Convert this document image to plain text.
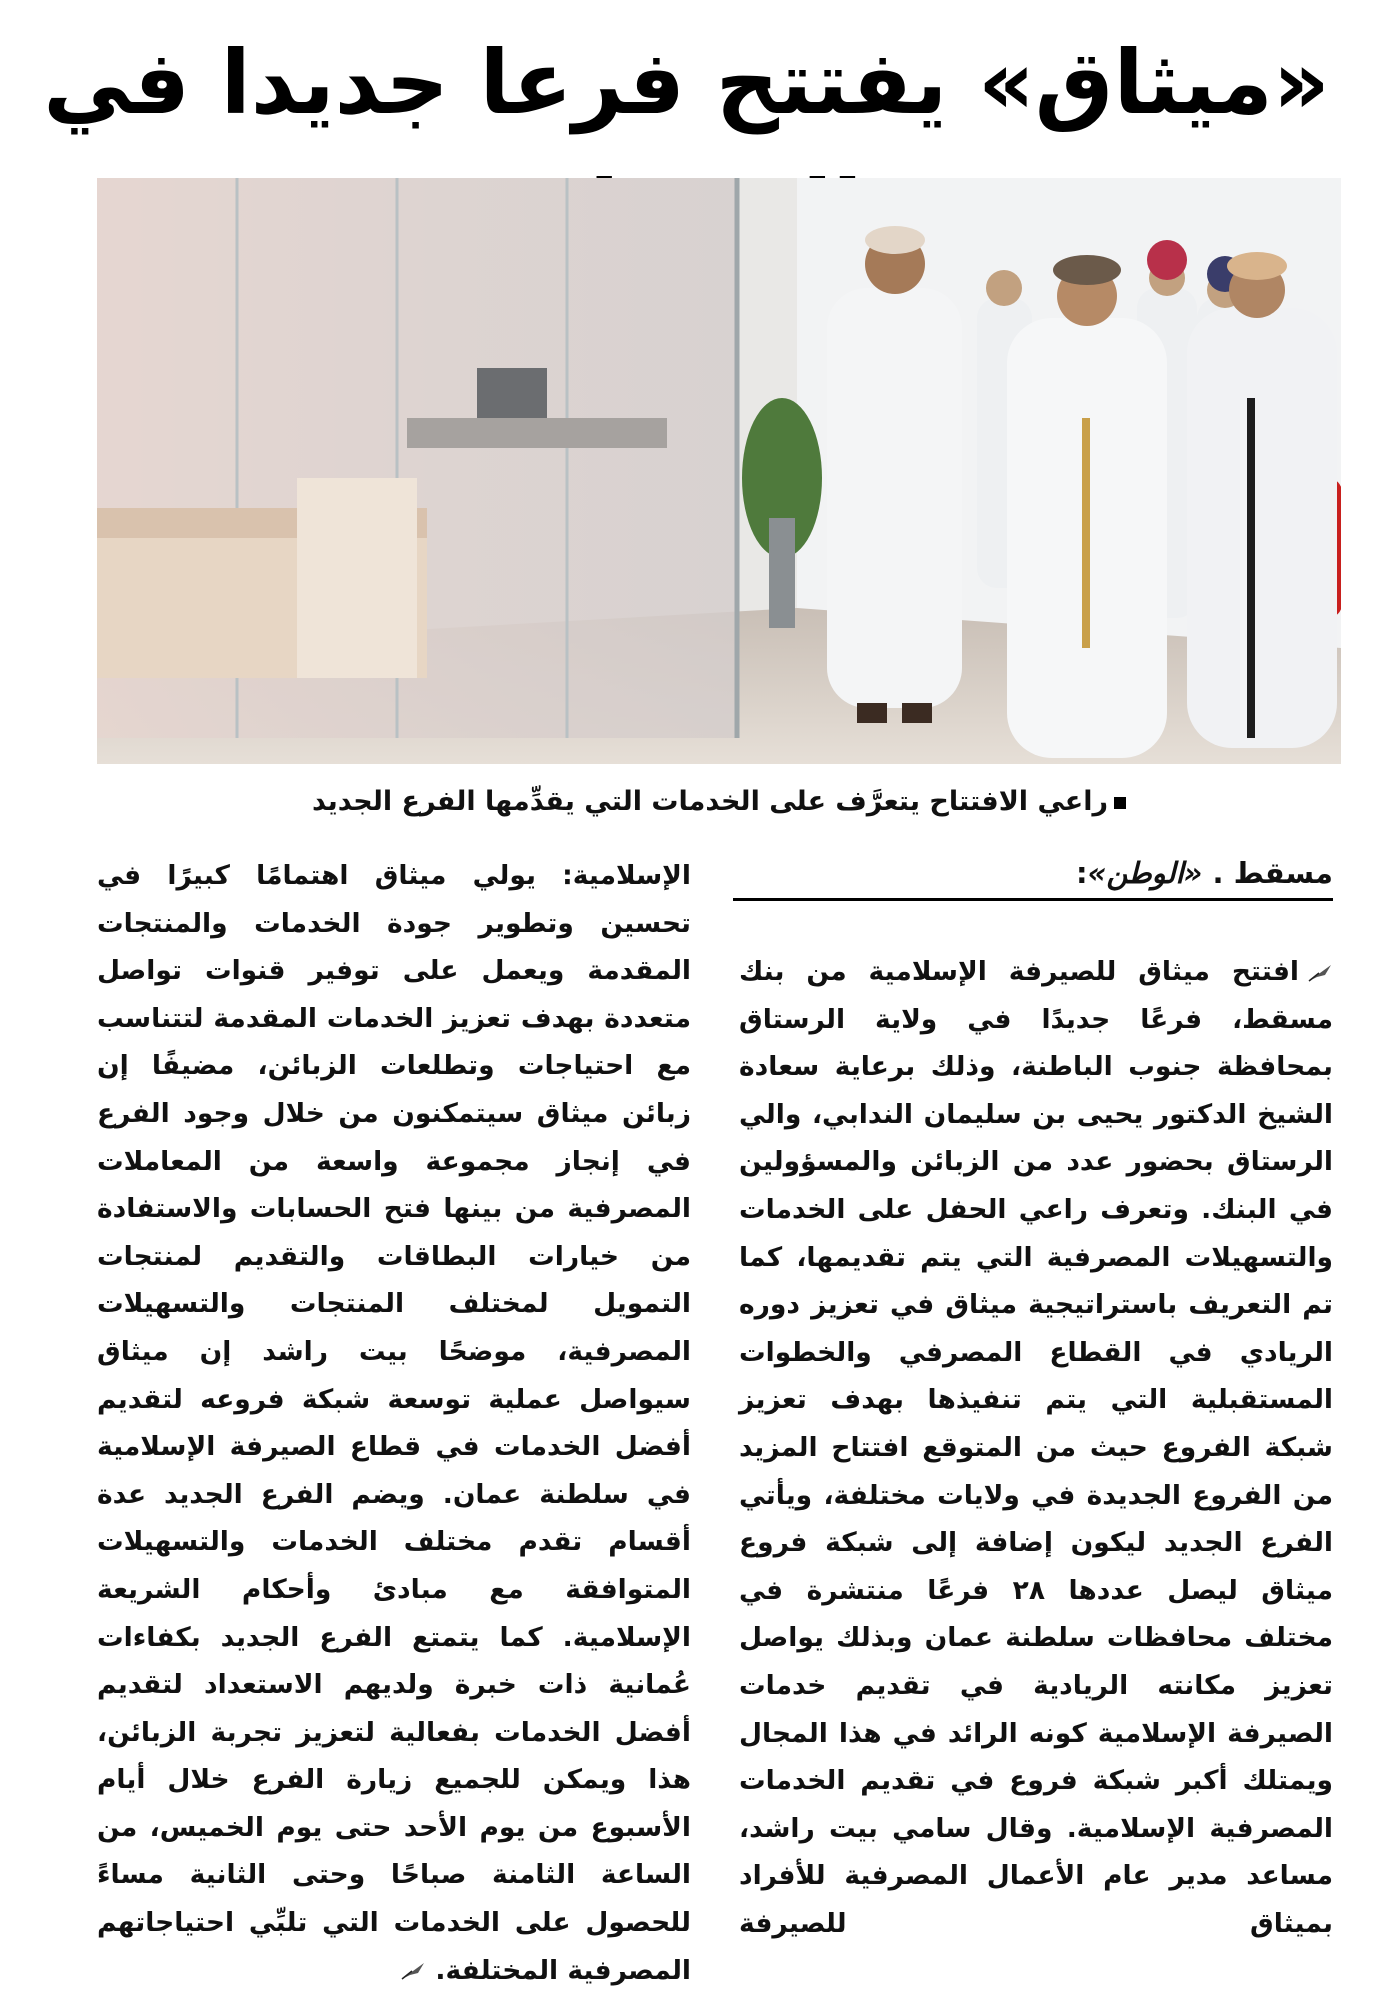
«ميثاق» يفتتح فرعا جديدا في
راعي الافتتاح يتعرَّف على الخدمات التي يقدِّمها الفرع الجديد
مسقط . «الوطن»:

افتتح ميثاق للصيرفة الإسلامية من بنك مسقط، فرعًا جديدًا في ولاية الرستاق بمحافظة جنوب الباطنة، وذلك برعاية سعادة الشيخ الدكتور يحيى بن سليمان الندابي، والي الرستاق بحضور عدد من الزبائن والمسؤولين في البنك. وتعرف راعي الحفل على الخدمات والتسهيلات المصرفية التي يتم تقديمها، كما تم التعريف باستراتيجية ميثاق في تعزيز دوره الريادي في القطاع المصرفي والخطوات المستقبلية التي يتم تنفيذها بهدف تعزيز شبكة الفروع حيث من المتوقع افتتاح المزيد من الفروع الجديدة في ولايات مختلفة، ويأتي الفرع الجديد ليكون إضافة إلى شبكة فروع ميثاق ليصل عددها ٢٨ فرعًا منتشرة في مختلف محافظات سلطنة عمان وبذلك يواصل تعزيز مكانته الريادية في تقديم خدمات الصيرفة الإسلامية كونه الرائد في هذا المجال ويمتلك أكبر شبكة فروع في تقديم الخدمات المصرفية الإسلامية. وقال سامي بيت راشد، مساعد مدير عام الأعمال المصرفية للأفراد بميثاق للصيرفة

الإسلامية: يولي ميثاق اهتمامًا كبيرًا في تحسين وتطوير جودة الخدمات والمنتجات المقدمة ويعمل على توفير قنوات تواصل متعددة بهدف تعزيز الخدمات المقدمة لتتناسب مع احتياجات وتطلعات الزبائن، مضيفًا إن زبائن ميثاق سيتمكنون من خلال وجود الفرع في إنجاز مجموعة واسعة من المعاملات المصرفية من بينها فتح الحسابات والاستفادة من خيارات البطاقات والتقديم لمنتجات التمويل لمختلف المنتجات والتسهيلات المصرفية، موضحًا بيت راشد إن ميثاق سيواصل عملية توسعة شبكة فروعه لتقديم أفضل الخدمات في قطاع الصيرفة الإسلامية في سلطنة عمان. ويضم الفرع الجديد عدة أقسام تقدم مختلف الخدمات والتسهيلات المتوافقة مع مبادئ وأحكام الشريعة الإسلامية. كما يتمتع الفرع الجديد بكفاءات عُمانية ذات خبرة ولديهم الاستعداد لتقديم أفضل الخدمات بفعالية لتعزيز تجربة الزبائن، هذا ويمكن للجميع زيارة الفرع خلال أيام الأسبوع من يوم الأحد حتى يوم الخميس، من الساعة الثامنة صباحًا وحتى الثانية مساءً للحصول على الخدمات التي تلبِّي احتياجاتهم المصرفية المختلفة.
